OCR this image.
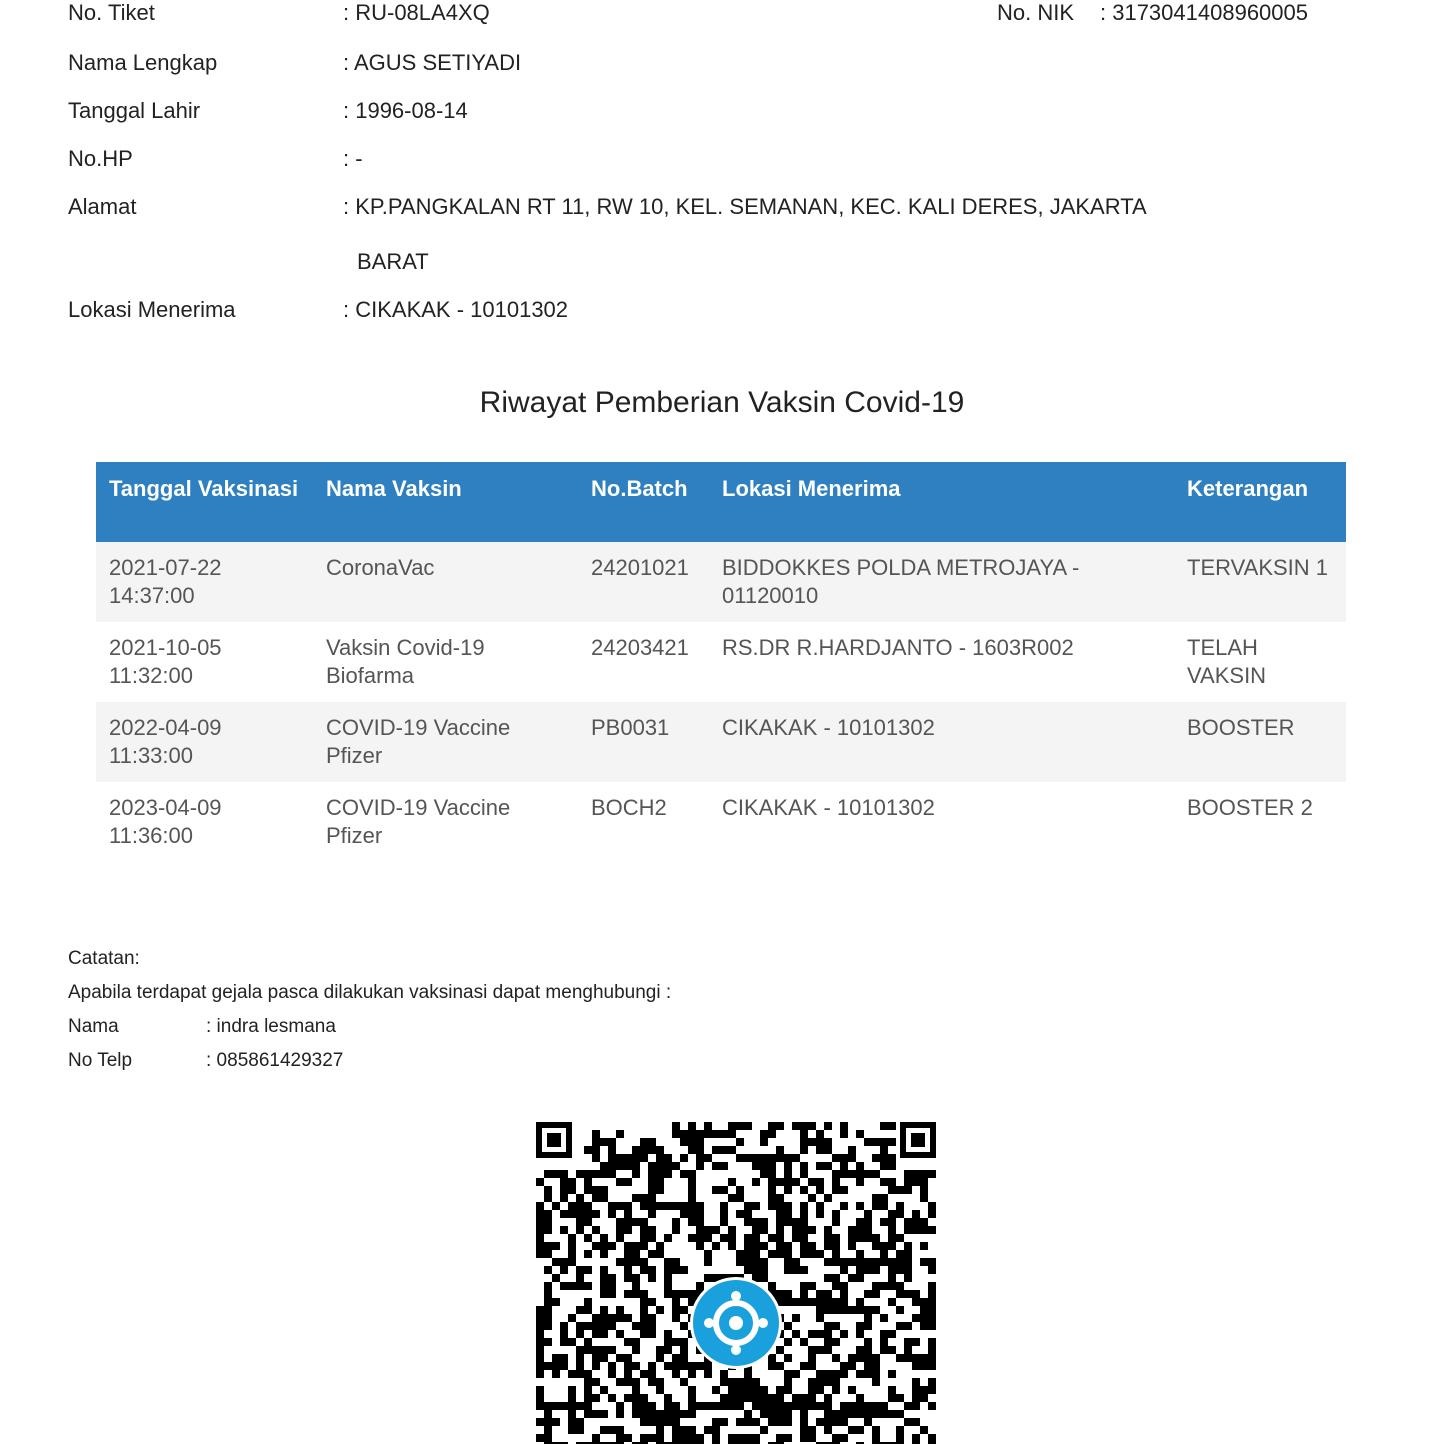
No. Tiket	: RU-08LA4XQ	No. NIK : 3173041408960005
Nama Lengkap	: AGUS SETIYADI
Tanggal Lahir	: 1996-08-14
No.HP	: -
Alamat	: KP.PANGKALAN RT 11, RW 10, KEL. SEMANAN, KEC. KALI DERES, JAKARTA
BARAT
Lokasi Menerima	: CIKAKAK - 10101302
Riwayat Pemberian Vaksin Covid-19
Tanggal Vaksinasi	Nama Vaksin	No.Batch	Lokasi Menerima	Keterangan
2021-07-22 14:37:00	CoronaVac	24201021	BIDDOKKES POLDA METROJAYA - 01120010	TERVAKSIN 1
2021-10-05 11:32:00	Vaksin Covid-19 Biofarma	24203421	RS.DR R.HARDJANTO - 1603R002	TELAH VAKSIN
2022-04-09 11:33:00	COVID-19 Vaccine Pfizer	PB0031	CIKAKAK - 10101302	BOOSTER
2023-04-09 11:36:00	COVID-19 Vaccine Pfizer	BOCH2	CIKAKAK - 10101302	BOOSTER 2
Catatan:
Apabila terdapat gejala pasca dilakukan vaksinasi dapat menghubungi :
Nama	: indra lesmana
No Telp	: 085861429327
